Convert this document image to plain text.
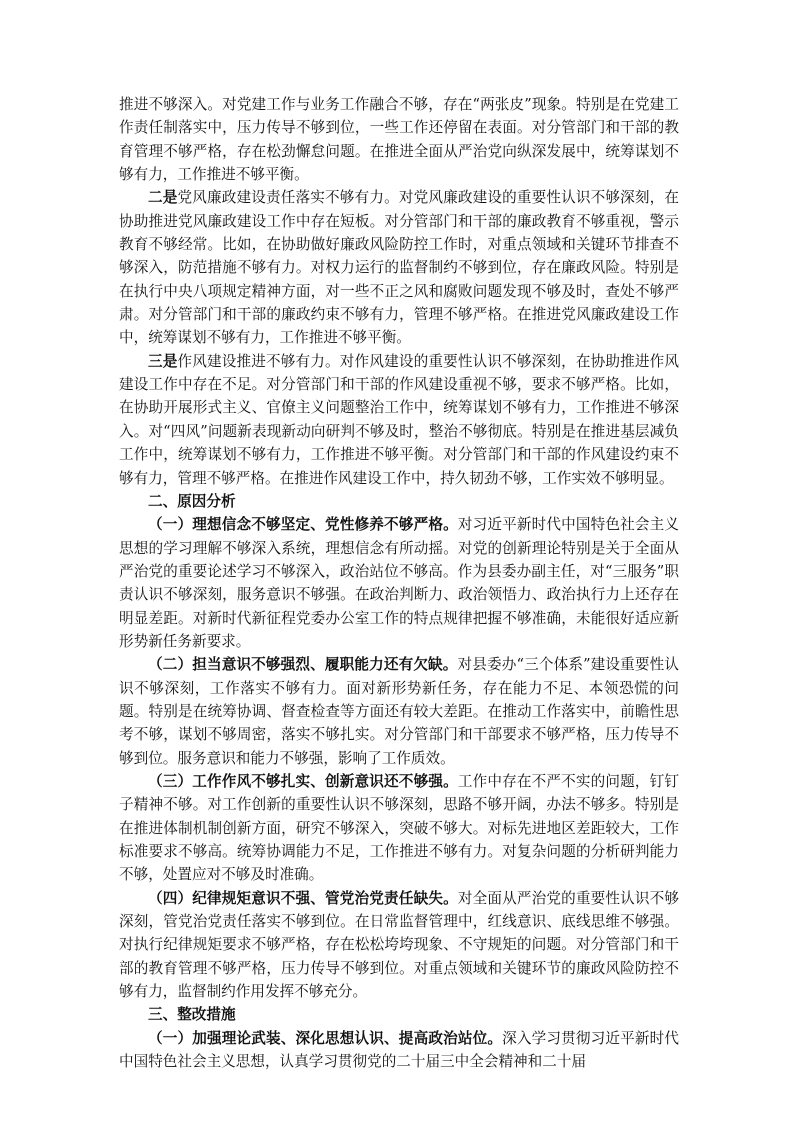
推进不够深入。对党建工作与业务工作融合不够，存在“两张皮”现象。特别是在党建工作责任制落实中，压力传导不够到位，一些工作还停留在表面。对分管部门和干部的教育管理不够严格，存在松劲懈怠问题。在推进全面从严治党向纵深发展中，统筹谋划不够有力，工作推进不够平衡。

二是党风廉政建设责任落实不够有力。对党风廉政建设的重要性认识不够深刻，在协助推进党风廉政建设工作中存在短板。对分管部门和干部的廉政教育不够重视，警示教育不够经常。比如，在协助做好廉政风险防控工作时，对重点领域和关键环节排查不够深入，防范措施不够有力。对权力运行的监督制约不够到位，存在廉政风险。特别是在执行中央八项规定精神方面，对一些不正之风和腐败问题发现不够及时，查处不够严肃。对分管部门和干部的廉政约束不够有力，管理不够严格。在推进党风廉政建设工作中，统筹谋划不够有力，工作推进不够平衡。

三是作风建设推进不够有力。对作风建设的重要性认识不够深刻，在协助推进作风建设工作中存在不足。对分管部门和干部的作风建设重视不够，要求不够严格。比如，在协助开展形式主义、官僚主义问题整治工作中，统筹谋划不够有力，工作推进不够深入。对“四风”问题新表现新动向研判不够及时，整治不够彻底。特别是在推进基层减负工作中，统筹谋划不够有力，工作推进不够平衡。对分管部门和干部的作风建设约束不够有力，管理不够严格。在推进作风建设工作中，持久韧劲不够，工作实效不够明显。

二、原因分析

（一）理想信念不够坚定、党性修养不够严格。对习近平新时代中国特色社会主义思想的学习理解不够深入系统，理想信念有所动摇。对党的创新理论特别是关于全面从严治党的重要论述学习不够深入，政治站位不够高。作为县委办副主任，对“三服务”职责认识不够深刻，服务意识不够强。在政治判断力、政治领悟力、政治执行力上还存在明显差距。对新时代新征程党委办公室工作的特点规律把握不够准确，未能很好适应新形势新任务新要求。

（二）担当意识不够强烈、履职能力还有欠缺。对县委办“三个体系”建设重要性认识不够深刻，工作落实不够有力。面对新形势新任务，存在能力不足、本领恐慌的问题。特别是在统筹协调、督查检查等方面还有较大差距。在推动工作落实中，前瞻性思考不够，谋划不够周密，落实不够扎实。对分管部门和干部要求不够严格，压力传导不够到位。服务意识和能力不够强，影响了工作质效。

（三）工作作风不够扎实、创新意识还不够强。工作中存在不严不实的问题，钉钉子精神不够。对工作创新的重要性认识不够深刻，思路不够开阔，办法不够多。特别是在推进体制机制创新方面，研究不够深入，突破不够大。对标先进地区差距较大，工作标准要求不够高。统筹协调能力不足，工作推进不够有力。对复杂问题的分析研判能力不够，处置应对不够及时准确。

（四）纪律规矩意识不强、管党治党责任缺失。对全面从严治党的重要性认识不够深刻，管党治党责任落实不够到位。在日常监督管理中，红线意识、底线思维不够强。对执行纪律规矩要求不够严格，存在松松垮垮现象、不守规矩的问题。对分管部门和干部的教育管理不够严格，压力传导不够到位。对重点领域和关键环节的廉政风险防控不够有力，监督制约作用发挥不够充分。

三、整改措施

（一）加强理论武装、深化思想认识、提高政治站位。深入学习贯彻习近平新时代中国特色社会主义思想，认真学习贯彻党的二十届三中全会精神和二十届
